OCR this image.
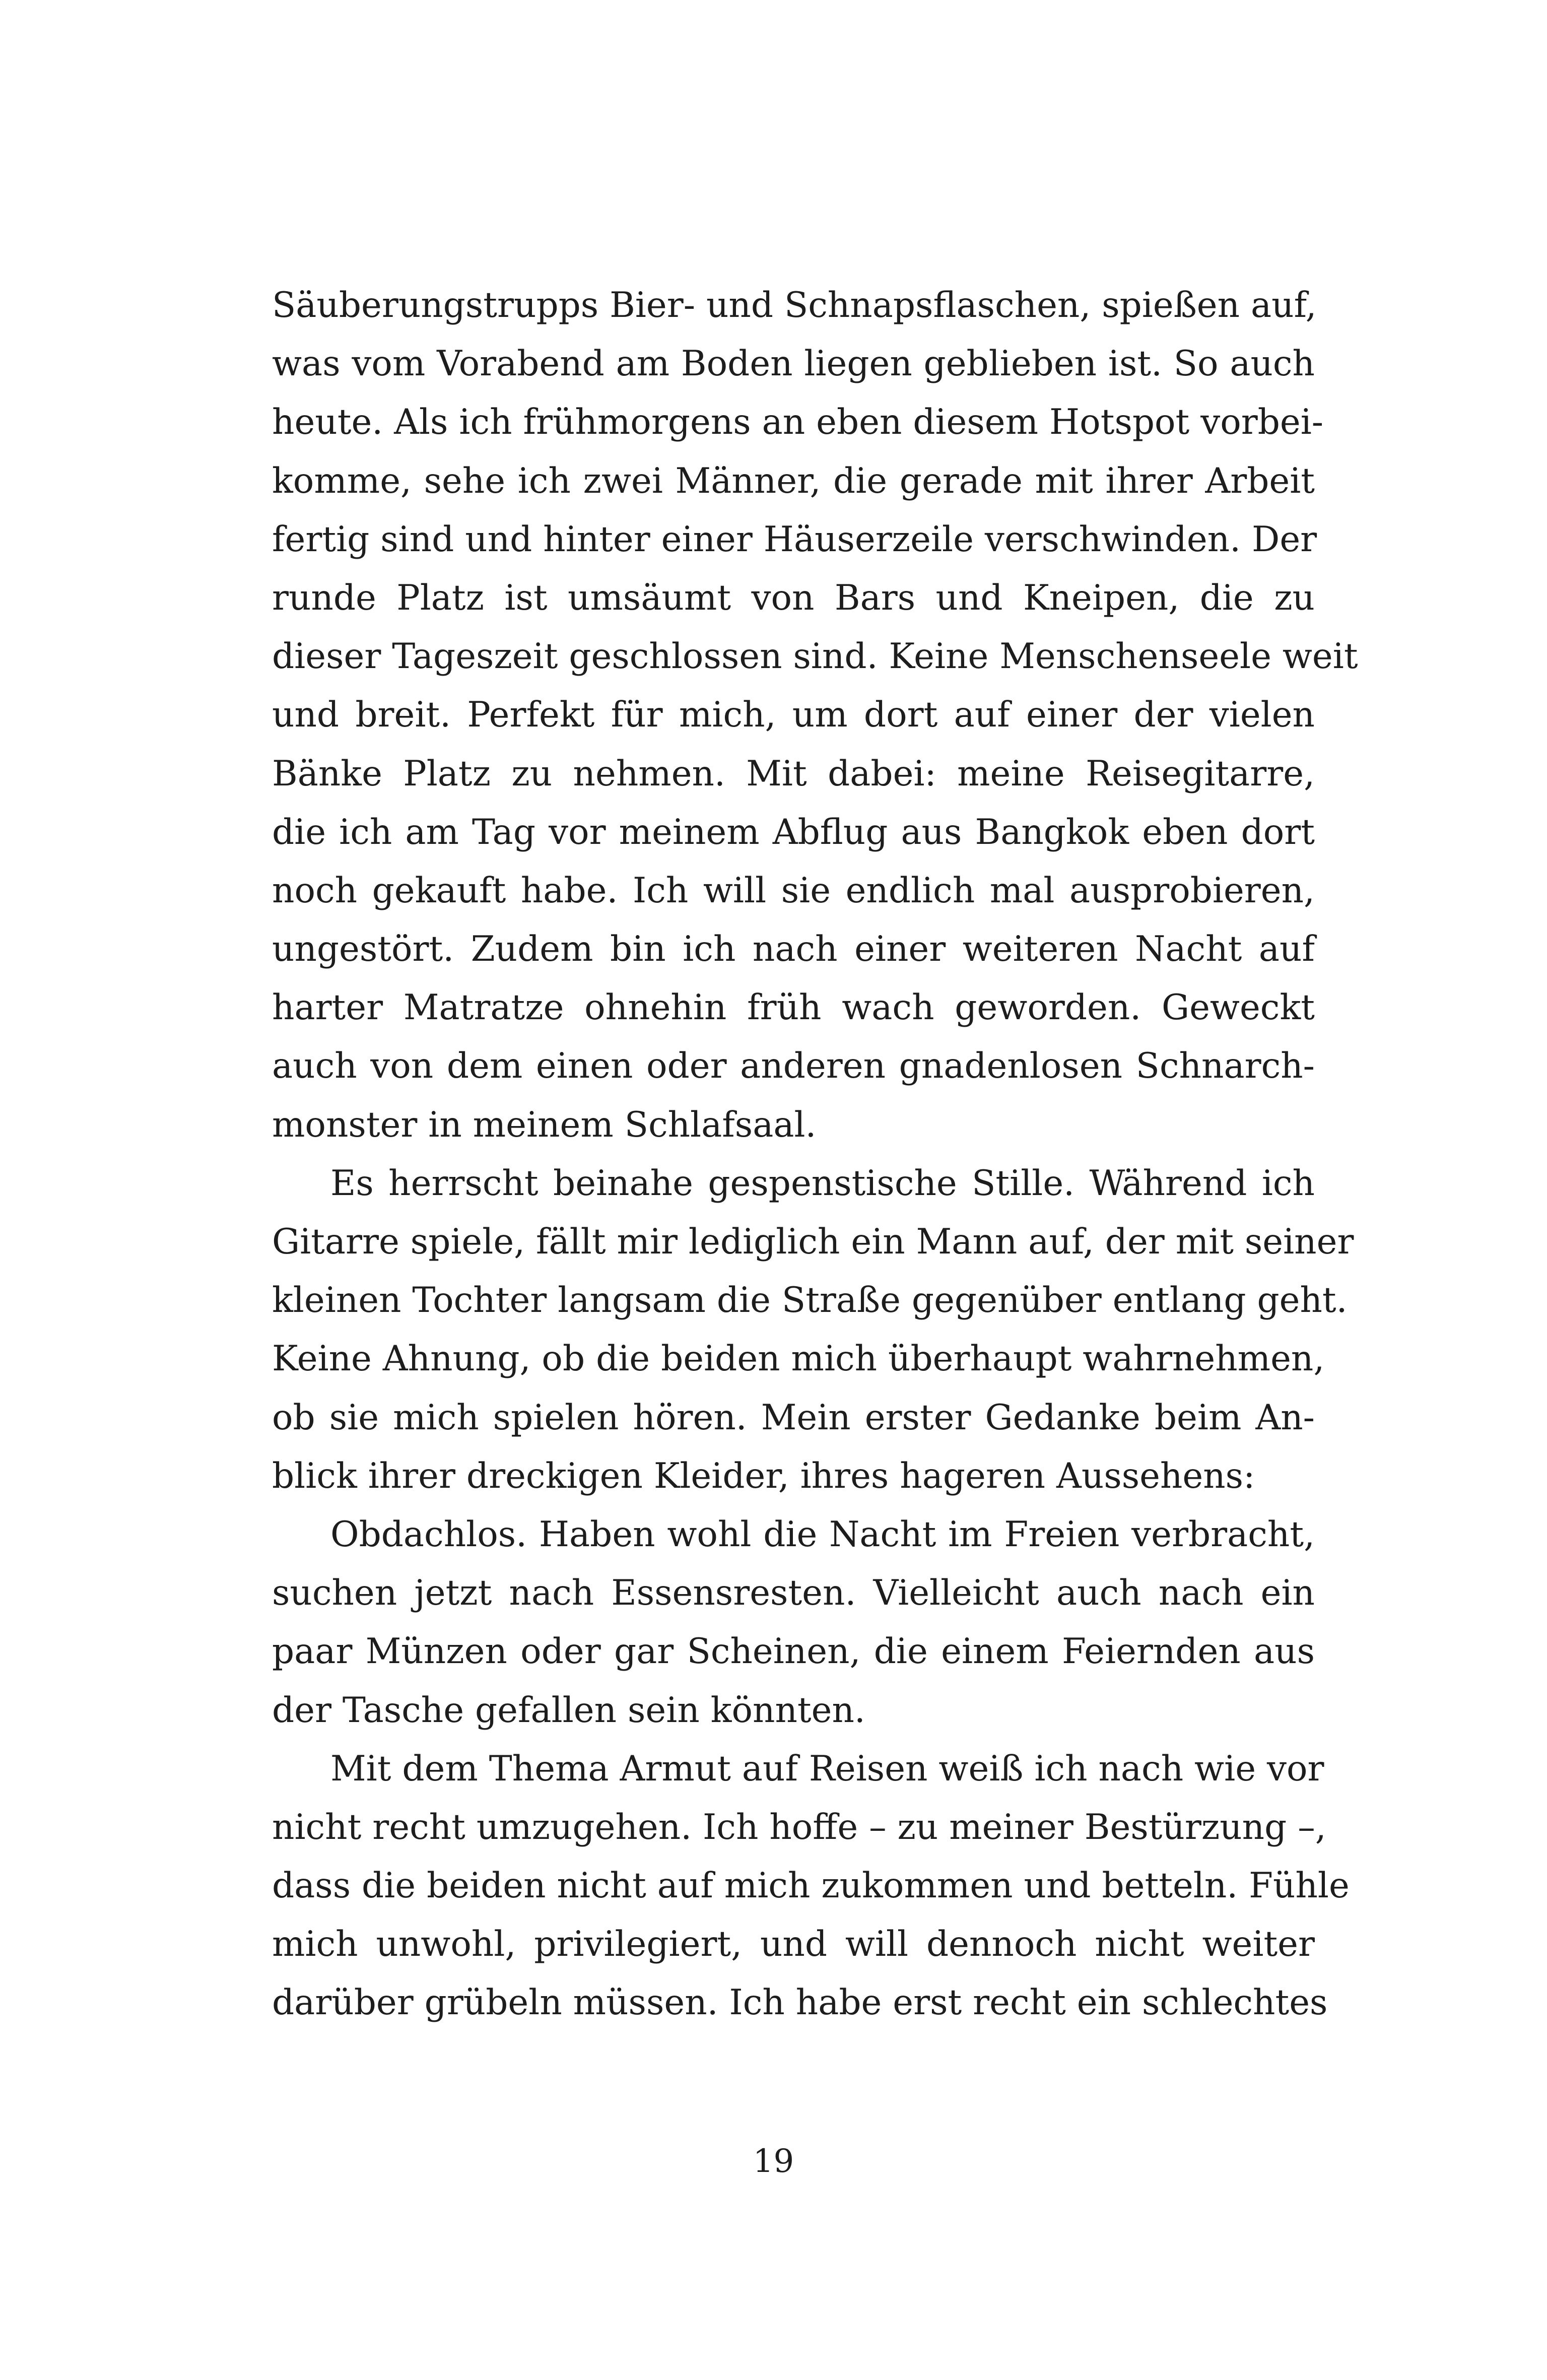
Säuberungstrupps Bier- und Schnapsflaschen, spießen auf,
was vom Vorabend am Boden liegen geblieben ist. So auch
heute. Als ich frühmorgens an eben diesem Hotspot vorbei-
komme, sehe ich zwei Männer, die gerade mit ihrer Arbeit
fertig sind und hinter einer Häuserzeile verschwinden. Der
runde Platz ist umsäumt von Bars und Kneipen, die zu
dieser Tageszeit geschlossen sind. Keine Menschenseele weit
und breit. Perfekt für mich, um dort auf einer der vielen
Bänke Platz zu nehmen. Mit dabei: meine Reisegitarre,
die ich am Tag vor meinem Abflug aus Bangkok eben dort
noch gekauft habe. Ich will sie endlich mal ausprobieren,
ungestört. Zudem bin ich nach einer weiteren Nacht auf
harter Matratze ohnehin früh wach geworden. Geweckt
auch von dem einen oder anderen gnadenlosen Schnarch-
monster in meinem Schlafsaal.
Es herrscht beinahe gespenstische Stille. Während ich
Gitarre spiele, fällt mir lediglich ein Mann auf, der mit seiner
kleinen Tochter langsam die Straße gegenüber entlang geht.
Keine Ahnung, ob die beiden mich überhaupt wahrnehmen,
ob sie mich spielen hören. Mein erster Gedanke beim An-
blick ihrer dreckigen Kleider, ihres hageren Aussehens:
Obdachlos. Haben wohl die Nacht im Freien verbracht,
suchen jetzt nach Essensresten. Vielleicht auch nach ein
paar Münzen oder gar Scheinen, die einem Feiernden aus
der Tasche gefallen sein könnten.
Mit dem Thema Armut auf Reisen weiß ich nach wie vor
nicht recht umzugehen. Ich hoffe – zu meiner Bestürzung –,
dass die beiden nicht auf mich zukommen und betteln. Fühle
mich unwohl, privilegiert, und will dennoch nicht weiter
darüber grübeln müssen. Ich habe erst recht ein schlechtes
19
